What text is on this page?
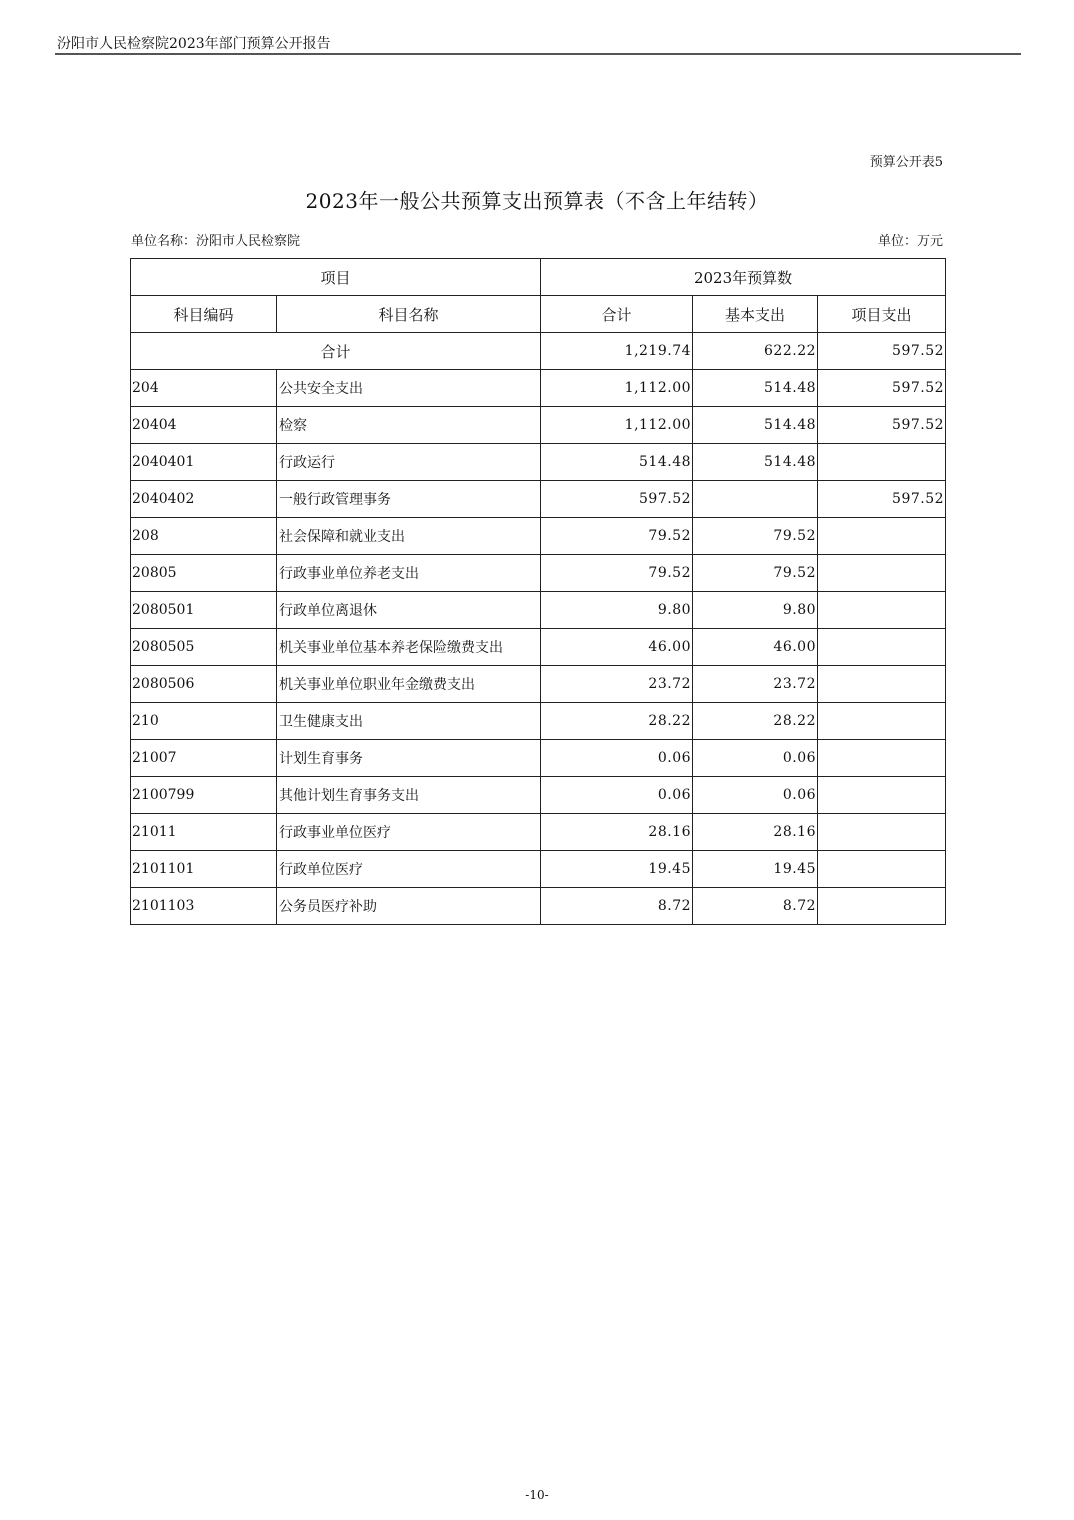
汾阳市人民检察院2023年部门预算公开报告
预算公开表5
2023年一般公共预算支出预算表（不含上年结转）
单位名称：汾阳市人民检察院	单位：万元
项目		2023年预算数		
科目编码	科目名称	合计	基本支出	项目支出
合计		1,219.74	622.22	597.52
204	公共安全支出	1,112.00	514.48	597.52
20404	检察	1,112.00	514.48	597.52
2040401	行政运行	514.48	514.48	
2040402	一般行政管理事务	597.52		597.52
208	社会保障和就业支出	79.52	79.52	
20805	行政事业单位养老支出	79.52	79.52	
2080501	行政单位离退休	9.80	9.80	
2080505	机关事业单位基本养老保险缴费支出	46.00	46.00	
2080506	机关事业单位职业年金缴费支出	23.72	23.72	
210	卫生健康支出	28.22	28.22	
21007	计划生育事务	0.06	0.06	
2100799	其他计划生育事务支出	0.06	0.06	
21011	行政事业单位医疗	28.16	28.16	
2101101	行政单位医疗	19.45	19.45	
2101103	公务员医疗补助	8.72	8.72	
-10-
